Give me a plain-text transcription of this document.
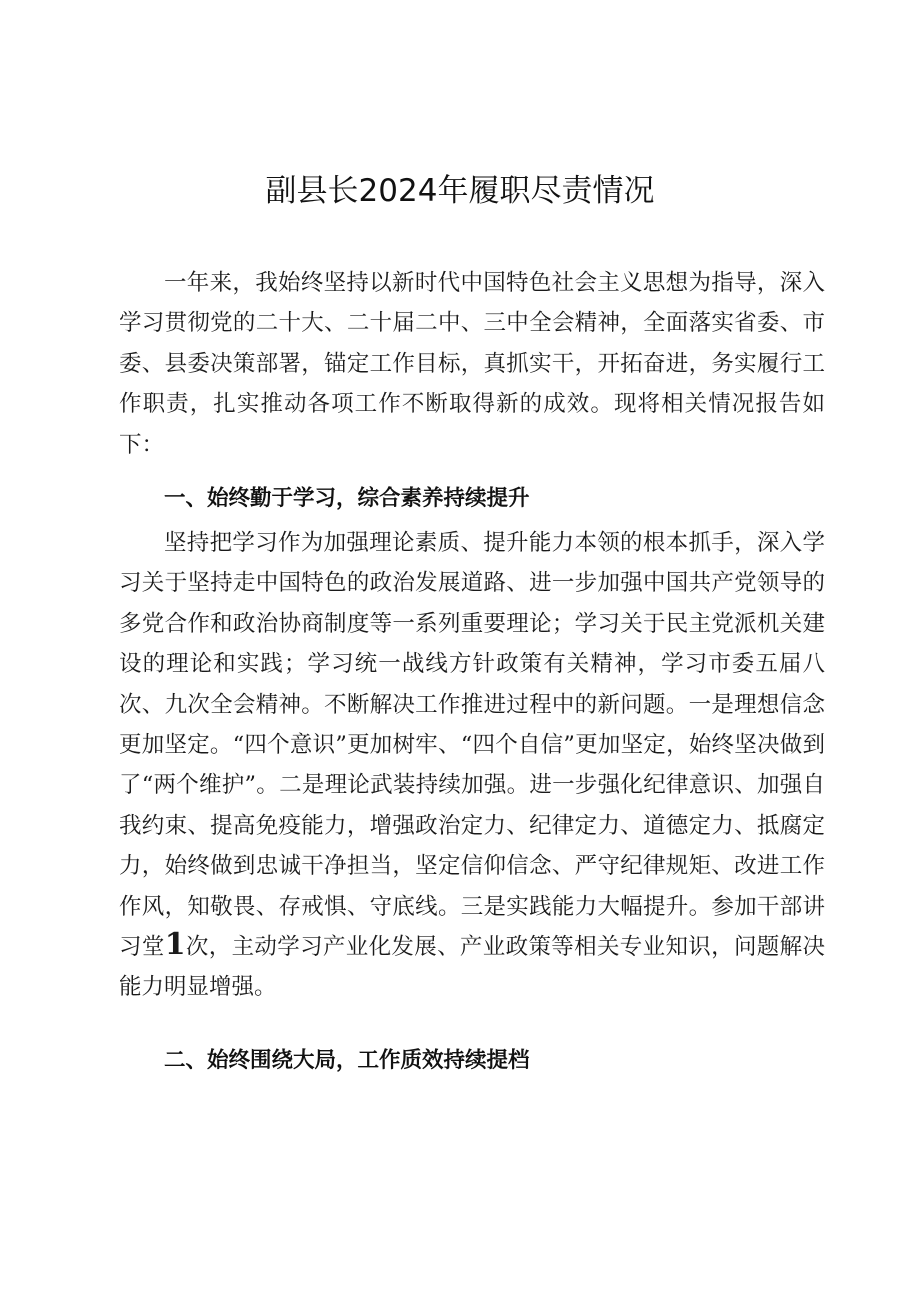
副县长2024年履职尽责情况

一年来，我始终坚持以新时代中国特色社会主义思想为指导，深入学习贯彻党的二十大、二十届二中、三中全会精神，全面落实省委、市委、县委决策部署，锚定工作目标，真抓实干，开拓奋进，务实履行工作职责，扎实推动各项工作不断取得新的成效。现将相关情况报告如下：

一、始终勤于学习，综合素养持续提升

坚持把学习作为加强理论素质、提升能力本领的根本抓手，深入学习关于坚持走中国特色的政治发展道路、进一步加强中国共产党领导的多党合作和政治协商制度等一系列重要理论；学习关于民主党派机关建设的理论和实践；学习统一战线方针政策有关精神，学习市委五届八次、九次全会精神。不断解决工作推进过程中的新问题。一是理想信念更加坚定。“四个意识”更加树牢、“四个自信”更加坚定，始终坚决做到了“两个维护”。二是理论武装持续加强。进一步强化纪律意识、加强自我约束、提高免疫能力，增强政治定力、纪律定力、道德定力、抵腐定力，始终做到忠诚干净担当，坚定信仰信念、严守纪律规矩、改进工作作风，知敬畏、存戒惧、守底线。三是实践能力大幅提升。参加干部讲习堂1次，主动学习产业化发展、产业政策等相关专业知识，问题解决能力明显增强。

二、始终围绕大局，工作质效持续提档
